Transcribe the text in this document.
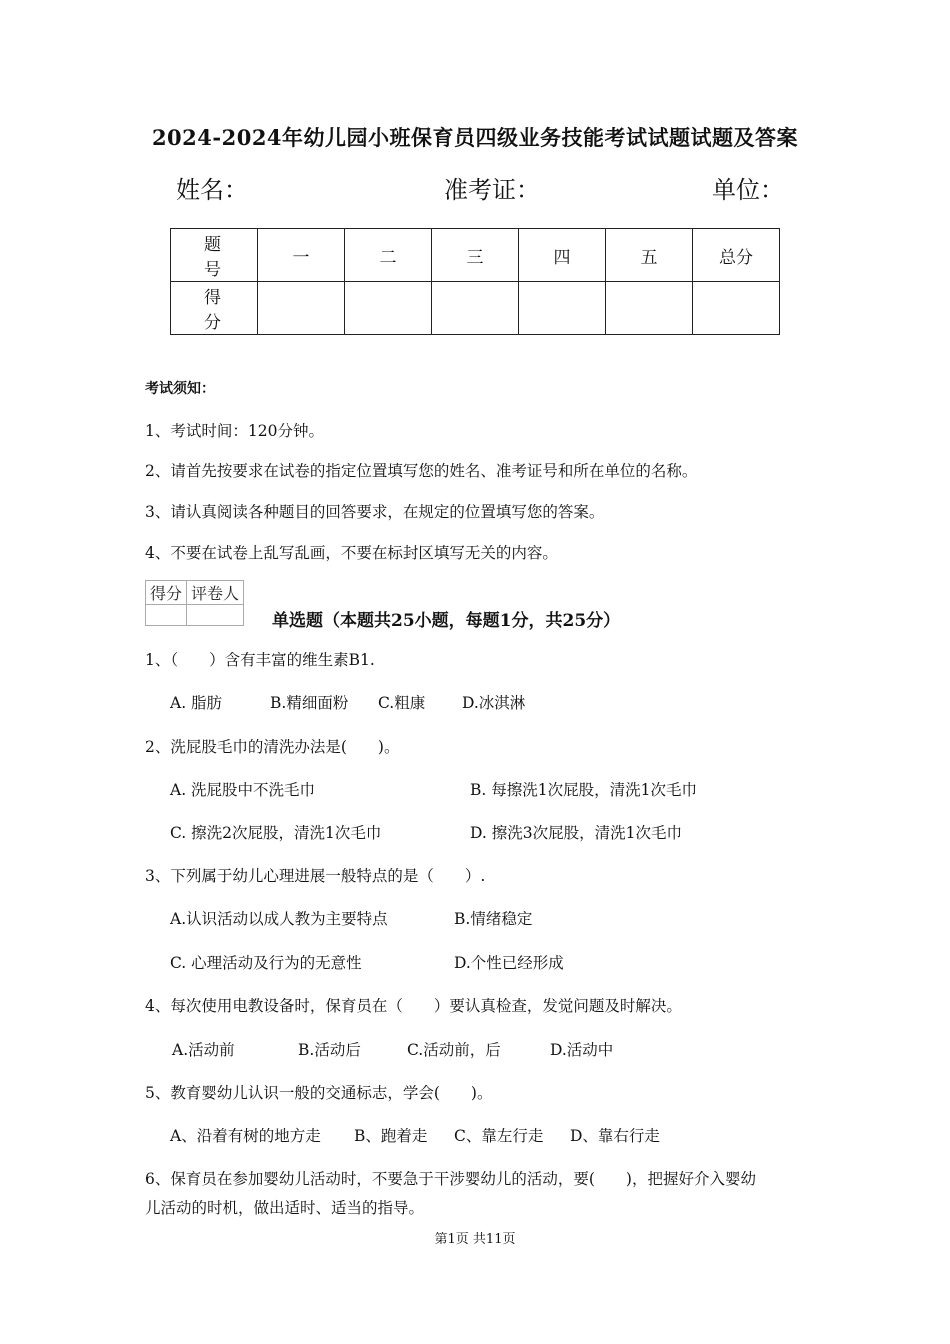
2024-2024年幼儿园小班保育员四级业务技能考试试题试题及答案
姓名：	准考证：	单位：
题　号	一	二	三	四	五	总分
得　分						
考试须知：
1、考试时间：120分钟。
2、请首先按要求在试卷的指定位置填写您的姓名、准考证号和所在单位的名称。
3、请认真阅读各种题目的回答要求，在规定的位置填写您的答案。
4、不要在试卷上乱写乱画，不要在标封区填写无关的内容。
得分	评卷人

单选题（本题共25小题，每题1分，共25分）
1、（　　）含有丰富的维生素B1.
A. 脂肪	B.精细面粉 C.粗康 D.冰淇淋
2、洗屁股毛巾的清洗办法是(　　)。
A. 洗屁股中不洗毛巾	B. 每擦洗1次屁股，清洗1次毛巾
C. 擦洗2次屁股，清洗1次毛巾	D. 擦洗3次屁股，清洗1次毛巾
3、下列属于幼儿心理进展一般特点的是（　　）.
A.认识活动以成人教为主要特点	B.情绪稳定
C. 心理活动及行为的无意性	D.个性已经形成
4、每次使用电教设备时，保育员在（　　）要认真检查，发觉问题及时解决。
A.活动前	B.活动后	C.活动前，后	D.活动中
5、教育婴幼儿认识一般的交通标志，学会(　　)。
A、沿着有树的地方走 B、跑着走 C、靠左行走 D、靠右行走
6、保育员在参加婴幼儿活动时，不要急于干涉婴幼儿的活动，要(　　)，把握好介入婴幼
儿活动的时机，做出适时、适当的指导。
第1页 共11页
